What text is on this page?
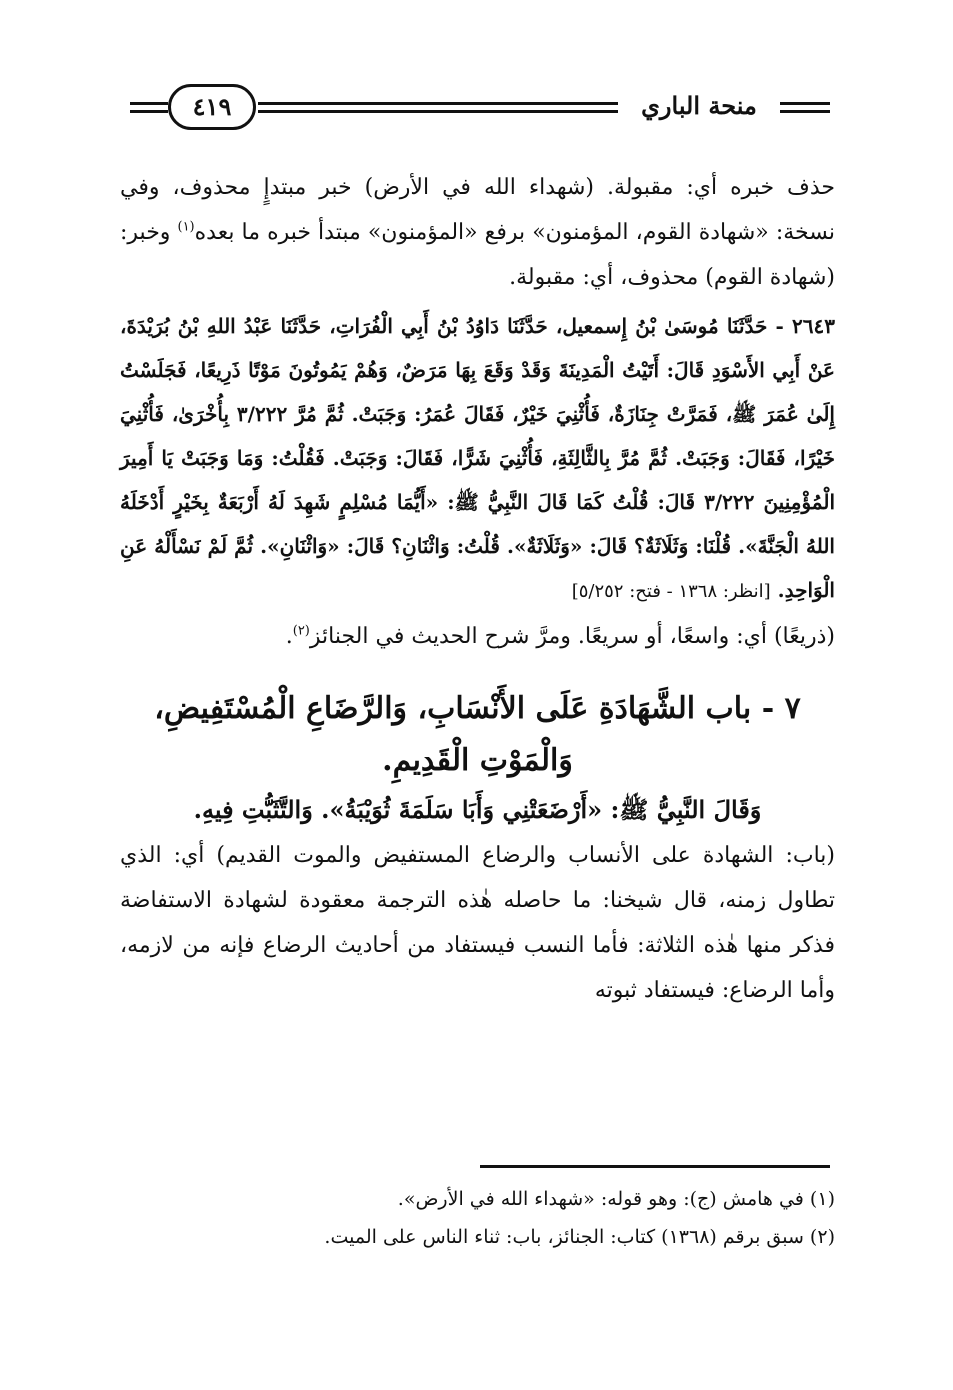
٤١٩	منحة الباري

حذف خبره أي: مقبولة. (شهداء الله في الأرض) خبر مبتدإٍ محذوف، وفي نسخة: «شهادة القوم، المؤمنون» برفع «المؤمنون» مبتدأ خبره ما بعده$^{(١)}$ وخبر: (شهادة القوم) محذوف، أي: مقبولة.

٢٦٤٣ - حَدَّثَنَا مُوسَىٰ بْنُ إِسمعيل، حَدَّثَنَا دَاوُدُ بْنُ أَبِي الْفُرَاتِ، حَدَّثَنَا عَبْدُ اللهِ بْنُ بُرَيْدَةَ، عَنْ أَبِي الأَسْوَدِ قَالَ: أَتَيْتُ الْمَدِينَةَ وَقَدْ وَقَعَ بِهَا مَرَضٌ، وَهُمْ يَمُوتُونَ مَوْتًا ذَرِيعًا، فَجَلَسْتُ إِلَىٰ عُمَرَ ﷺ، فَمَرَّتْ جِنَازَةٌ، فَأُثْنِيَ خَيْرٌ، فَقَالَ عُمَرُ: وَجَبَتْ. ثُمَّ مُرَّ ٣/٢٢٢ بِأُخْرَىٰ، فَأُثْنِيَ خَيْرًا، فَقَالَ: وَجَبَتْ. ثُمَّ مُرَّ بِالثَّالِثَةِ، فَأُثْنِيَ شَرًّا، فَقَالَ: وَجَبَتْ. فَقُلْتُ: وَمَا وَجَبَتْ يَا أَمِيرَ الْمُؤْمِنِينَ ٣/٢٢٢ قَالَ: قُلْتُ كَمَا قَالَ النَّبِيُّ ﷺ: «أَيُّمَا مُسْلِمٍ شَهِدَ لَهُ أَرْبَعَةٌ بِخَيْرٍ أَدْخَلَهُ اللهُ الْجَنَّةَ». قُلْنَا: وَثَلَاثَةٌ؟ قَالَ: «وَثَلَاثَةٌ». قُلْتُ: وَاثْنَانِ؟ قَالَ: «وَاثْنَانِ». ثُمَّ لَمْ نَسْأَلْهُ عَنِ الْوَاحِدِ. [انظر: ١٣٦٨ - فتح: ٥/٢٥٢]

(ذريعًا) أي: واسعًا، أو سريعًا. ومرَّ شرح الحديث في الجنائز$^{(٢)}$.

٧ - باب الشَّهَادَةِ عَلَى الأَنْسَابِ، وَالرَّضَاعِ الْمُسْتَفِيضِ، وَالْمَوْتِ الْقَدِيمِ.

وَقَالَ النَّبِيُّ ﷺ: «أَرْضَعَتْنِي وَأَبَا سَلَمَةَ ثُوَيْبَةُ». وَالتَّثَبُّتِ فِيهِ.

(باب: الشهادة على الأنساب والرضاع المستفيض والموت القديم) أي: الذي تطاول زمنه، قال شيخنا: ما حاصله هٰذه الترجمة معقودة لشهادة الاستفاضة فذكر منها هٰذه الثلاثة: فأما النسب فيستفاد من أحاديث الرضاع فإنه من لازمه، وأما الرضاع: فيستفاد ثبوته

(١) في هامش (ج): وهو قوله: «شهداء الله في الأرض».

(٢) سبق برقم (١٣٦٨) كتاب: الجنائز، باب: ثناء الناس على الميت.
